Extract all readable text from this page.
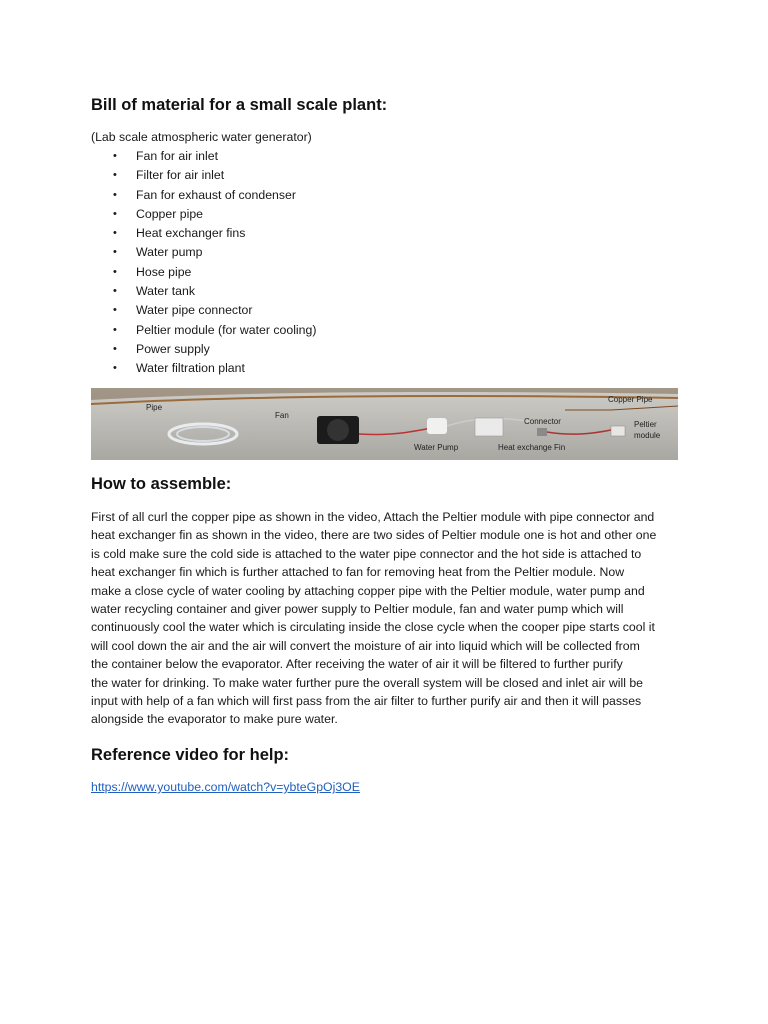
Bill of material for a small scale plant:
(Lab scale atmospheric water generator)
• Fan for air inlet
• Filter for air inlet
• Fan for exhaust of condenser
• Copper pipe
• Heat exchanger fins
• Water pump
• Hose pipe
• Water tank
• Water pipe connector
• Peltier module (for water cooling)
• Power supply
• Water filtration plant
Pipe
Fan
Water Pump
Connector
Heat exchange Fin
Copper Pipe
Peltier
module
How to assemble:

First of all curl the copper pipe as shown in the video, Attach the Peltier module with pipe connector and
heat exchanger fin as shown in the video, there are two sides of Peltier module one is hot and other one
is cold make sure the cold side is attached to the water pipe connector and the hot side is attached to
heat exchanger fin which is further attached to fan for removing heat from the Peltier module. Now
make a close cycle of water cooling by attaching copper pipe with the Peltier module, water pump and
water recycling container and giver power supply to Peltier module, fan and water pump which will
continuously cool the water which is circulating inside the close cycle when the cooper pipe starts cool it
will cool down the air and the air will convert the moisture of air into liquid which will be collected from
the container below the evaporator. After receiving the water of air it will be filtered to further purify
the water for drinking. To make water further pure the overall system will be closed and inlet air will be
input with help of a fan which will first pass from the air filter to further purify air and then it will passes
alongside the evaporator to make pure water.

Reference video for help:
https://www.youtube.com/watch?v=ybteGpOj3OE
